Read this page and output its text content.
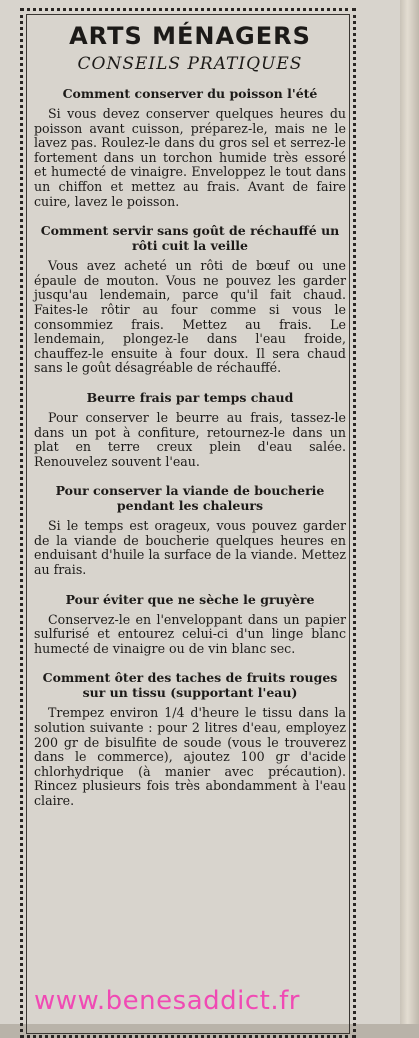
ARTS MÉNAGERS
CONSEILS PRATIQUES
Comment conserver du poisson l'été

Si vous devez conserver quelques heures du poisson avant cuisson, préparez-le, mais ne le lavez pas. Roulez-le dans du gros sel et serrez-le fortement dans un torchon humide très essoré et humecté de vinaigre. Enveloppez le tout dans un chiffon et mettez au frais. Avant de faire cuire, lavez le poisson.

Comment servir sans goût de réchauffé un rôti cuit la veille

Vous avez acheté un rôti de bœuf ou une épaule de mouton. Vous ne pouvez les garder jusqu'au lendemain, parce qu'il fait chaud. Faites-le rôtir au four comme si vous le consommiez frais. Mettez au frais. Le lendemain, plongez-le dans l'eau froide, chauffez-le ensuite à four doux. Il sera chaud sans le goût désagréable de réchauffé.

Beurre frais par temps chaud

Pour conserver le beurre au frais, tassez-le dans un pot à confiture, retournez-le dans un plat en terre creux plein d'eau salée. Renouvelez souvent l'eau.

Pour conserver la viande de boucherie pendant les chaleurs

Si le temps est orageux, vous pouvez garder de la viande de boucherie quelques heures en enduisant d'huile la surface de la viande. Mettez au frais.

Pour éviter que ne sèche le gruyère

Conservez-le en l'enveloppant dans un papier sulfurisé et entourez celui-ci d'un linge blanc humecté de vinaigre ou de vin blanc sec.

Comment ôter des taches de fruits rouges sur un tissu (supportant l'eau)

Trempez environ 1/4 d'heure le tissu dans la solution suivante : pour 2 litres d'eau, employez 200 gr de bisulfite de soude (vous le trouverez dans le commerce), ajoutez 100 gr d'acide chlorhydrique (à manier avec précaution). Rincez plusieurs fois très abondamment à l'eau claire.

www.benesaddict.fr
